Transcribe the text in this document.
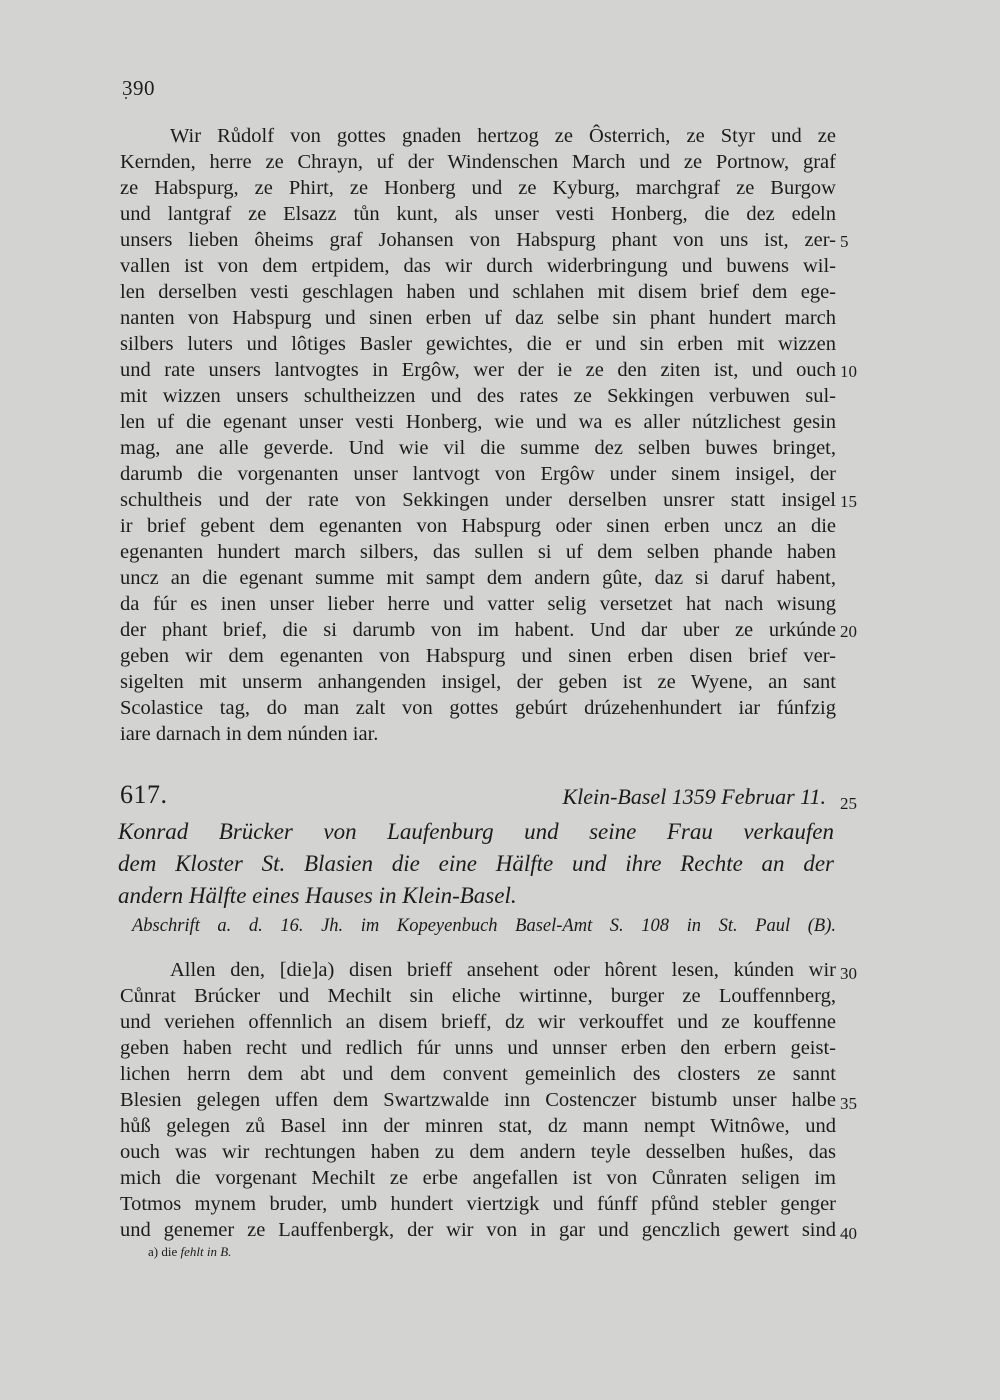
390

Wir Růdolf von gottes gnaden hertzog ze Ôsterrich, ze Styr und ze

Kernden, herre ze Chrayn, uf der Windenschen March und ze Portnow, graf

ze Habspurg, ze Phirt, ze Honberg und ze Kyburg, marchgraf ze Burgow

und lantgraf ze Elsazz tůn kunt, als unser vesti Honberg, die dez edeln

unsers lieben ôheims graf Johansen von Habspurg phant von uns ist, zer-

vallen ist von dem ertpidem, das wir durch widerbringung und buwens wil-

len derselben vesti geschlagen haben und schlahen mit disem brief dem ege-

nanten von Habspurg und sinen erben uf daz selbe sin phant hundert march

silbers luters und lôtiges Basler gewichtes, die er und sin erben mit wizzen

und rate unsers lantvogtes in Ergôw, wer der ie ze den ziten ist, und ouch

mit wizzen unsers schultheizzen und des rates ze Sekkingen verbuwen sul-

len uf die egenant unser vesti Honberg, wie und wa es aller nútzlichest gesin

mag, ane alle geverde. Und wie vil die summe dez selben buwes bringet,

darumb die vorgenanten unser lantvogt von Ergôw under sinem insigel, der

schultheis und der rate von Sekkingen under derselben unsrer statt insigel

ir brief gebent dem egenanten von Habspurg oder sinen erben uncz an die

egenanten hundert march silbers, das sullen si uf dem selben phande haben

uncz an die egenant summe mit sampt dem andern gûte, daz si daruf habent,

da fúr es inen unser lieber herre und vatter selig versetzet hat nach wisung

der phant brief, die si darumb von im habent. Und dar uber ze urkúnde

geben wir dem egenanten von Habspurg und sinen erben disen brief ver-

sigelten mit unserm anhangenden insigel, der geben ist ze Wyene, an sant

Scolastice tag, do man zalt von gottes gebúrt drúzehenhundert iar fúnfzig

iare darnach in dem núnden iar.

5
10
15
20
617.	Klein-Basel 1359 Februar 11. 25

Konrad Brücker von Laufenburg und seine Frau verkaufen

dem Kloster St. Blasien die eine Hälfte und ihre Rechte an der

andern Hälfte eines Hauses in Klein-Basel.

Abschrift a. d. 16. Jh. im Kopeyenbuch Basel-Amt S. 108 in St. Paul (B).

Allen den, [die]a) disen brieff ansehent oder hôrent lesen, kúnden wir

Cůnrat Brúcker und Mechilt sin eliche wirtinne, burger ze Louffennberg,

und veriehen offennlich an disem brieff, dz wir verkouffet und ze kouffenne

geben haben recht und redlich fúr unns und unnser erben den erbern geist-

lichen herrn dem abt und dem convent gemeinlich des closters ze sannt

Blesien gelegen uffen dem Swartzwalde inn Costenczer bistumb unser halbe

hůß gelegen zů Basel inn der minren stat, dz mann nempt Witnôwe, und

ouch was wir rechtungen haben zu dem andern teyle desselben hußes, das

mich die vorgenant Mechilt ze erbe angefallen ist von Cůnraten seligen im

Totmos mynem bruder, umb hundert viertzigk und fúnff pfůnd stebler genger

und genemer ze Lauffenbergk, der wir von in gar und genczlich gewert sind

30
35
40
a) die fehlt in B.
